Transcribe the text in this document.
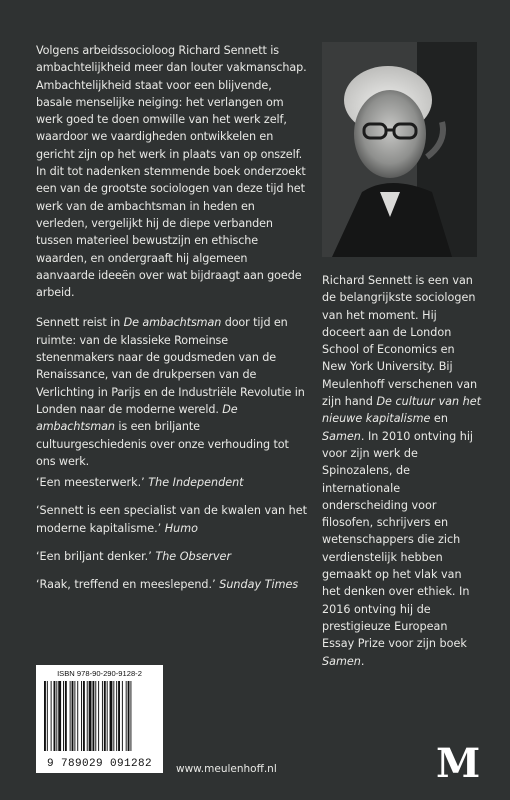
Volgens arbeidssocioloog Richard Sennett is ambachtelijkheid meer dan louter vakmanschap. Ambachtelijkheid staat voor een blijvende, basale menselijke neiging: het verlangen om werk goed te doen omwille van het werk zelf, waardoor we vaardigheden ontwikkelen en gericht zijn op het werk in plaats van op onszelf. In dit tot nadenken stemmende boek onderzoekt een van de grootste sociologen van deze tijd het werk van de ambachtsman in heden en verleden, vergelijkt hij de diepe verbanden tussen materieel bewustzijn en ethische waarden, en ondergraaft hij algemeen aanvaarde ideeën over wat bijdraagt aan goede arbeid.

Sennett reist in De ambachtsman door tijd en ruimte: van de klassieke Romeinse stenenmakers naar de goudsmeden van de Renaissance, van de drukpersen van de Verlichting in Parijs en de Industriële Revolutie in Londen naar de moderne wereld. De ambachtsman is een briljante cultuurgeschiedenis over onze verhouding tot ons werk.

‘Een meesterwerk.’ The Independent

‘Sennett is een specialist van de kwalen van het moderne kapitalisme.’ Humo

‘Een briljant denker.’ The Observer

‘Raak, treffend en meeslepend.’ Sunday Times

Richard Sennett is een van de belangrijkste sociologen van het moment. Hij doceert aan de London School of Economics en New York University. Bij Meulenhoff verschenen van zijn hand De cultuur van het nieuwe kapitalisme en Samen. In 2010 ontving hij voor zijn werk de Spinozalens, de internationale onderscheiding voor filosofen, schrijvers en wetenschappers die zich verdienstelijk hebben gemaakt op het vlak van het denken over ethiek. In 2016 ontving hij de prestigieuze European Essay Prize voor zijn boek Samen.
ISBN 978-90-290-9128-2
9 789029 091282	www.meulenhoff.nl	M
